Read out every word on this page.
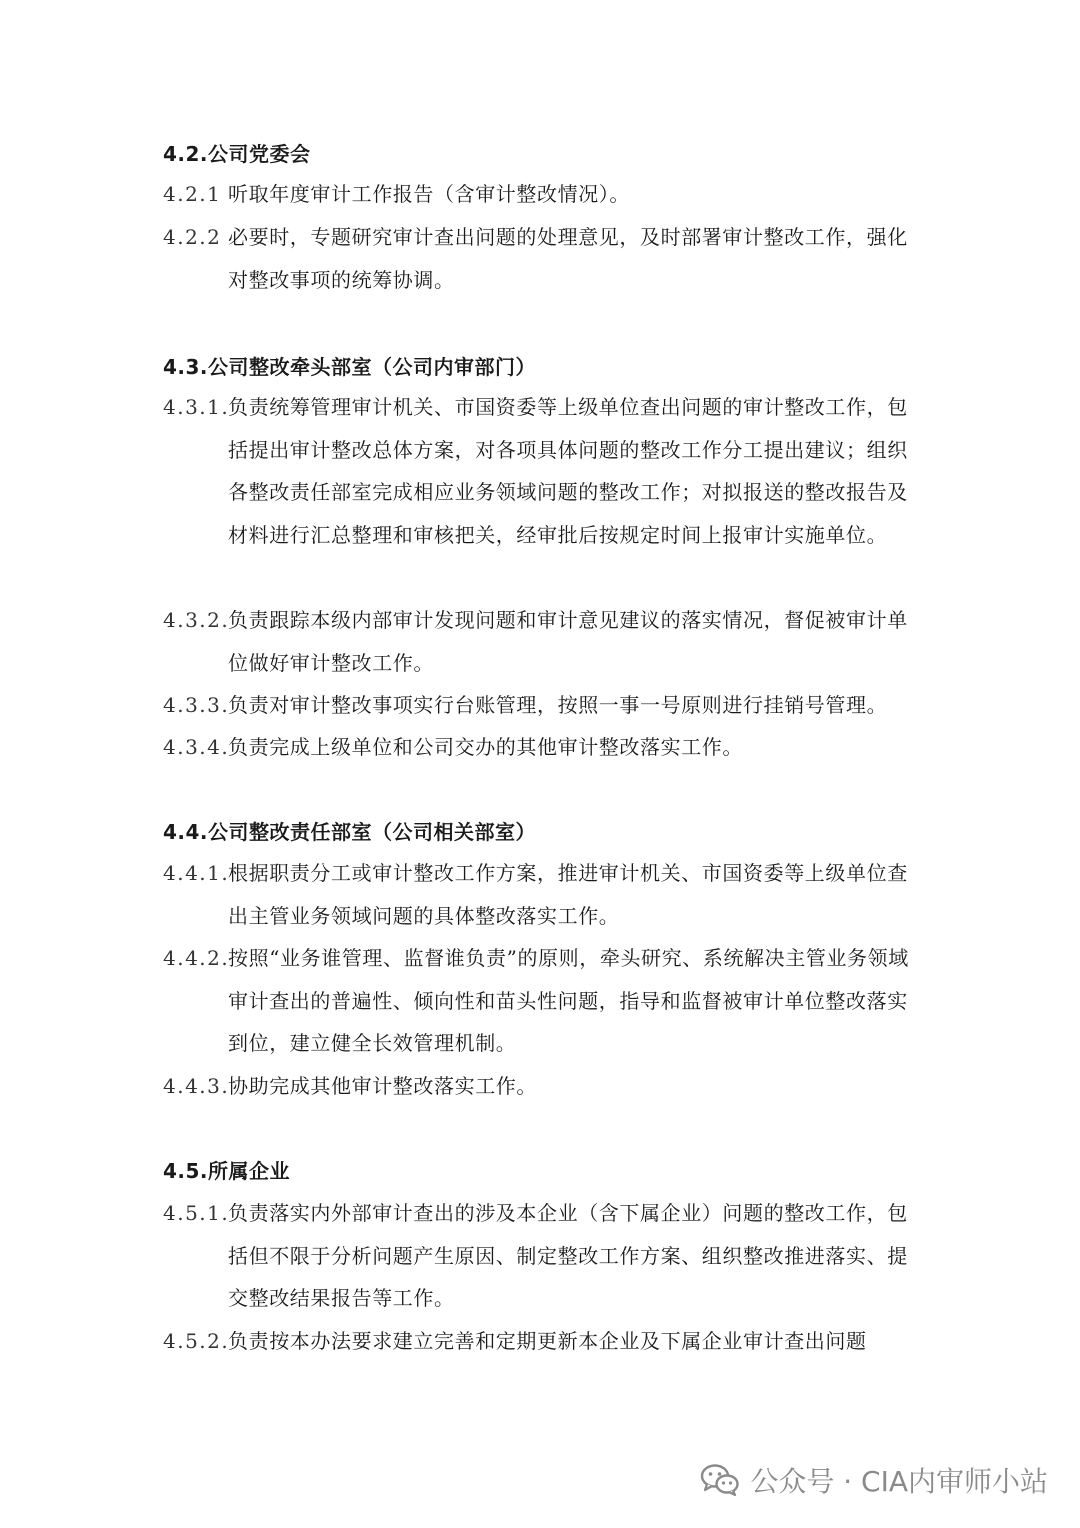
4.2.公司党委会
4.2.1 听取年度审计工作报告（含审计整改情况）。
4.2.2 必要时，专题研究审计查出问题的处理意见，及时部署审计整改工作，强化对整改事项的统筹协调。
4.3.公司整改牵头部室（公司内审部门）
4.3.1.
负责统筹管理审计机关、市国资委等上级单位查出问题的审计整改工作，包括提出审计整改总体方案，对各项具体问题的整改工作分工提出建议；组织各整改责任部室完成相应业务领域问题的整改工作；对拟报送的整改报告及材料进行汇总整理和审核把关，经审批后按规定时间上报审计实施单位。
4.3.2.
负责跟踪本级内部审计发现问题和审计意见建议的落实情况，督促被审计单位做好审计整改工作。
4.3.3.
负责对审计整改事项实行台账管理，按照一事一号原则进行挂销号管理。
4.3.4.
负责完成上级单位和公司交办的其他审计整改落实工作。
4.4.公司整改责任部室（公司相关部室）
4.4.1.
根据职责分工或审计整改工作方案，推进审计机关、市国资委等上级单位查出主管业务领域问题的具体整改落实工作。
4.4.2.
按照“业务谁管理、监督谁负责”的原则，牵头研究、系统解决主管业务领域审计查出的普遍性、倾向性和苗头性问题，指导和监督被审计单位整改落实到位，建立健全长效管理机制。
4.4.3.
协助完成其他审计整改落实工作。
4.5.所属企业
4.5.1.
负责落实内外部审计查出的涉及本企业（含下属企业）问题的整改工作，包括但不限于分析问题产生原因、制定整改工作方案、组织整改推进落实、提交整改结果报告等工作。
4.5.2.
负责按本办法要求建立完善和定期更新本企业及下属企业审计查出问题
公众号 · CIA内审师小站
